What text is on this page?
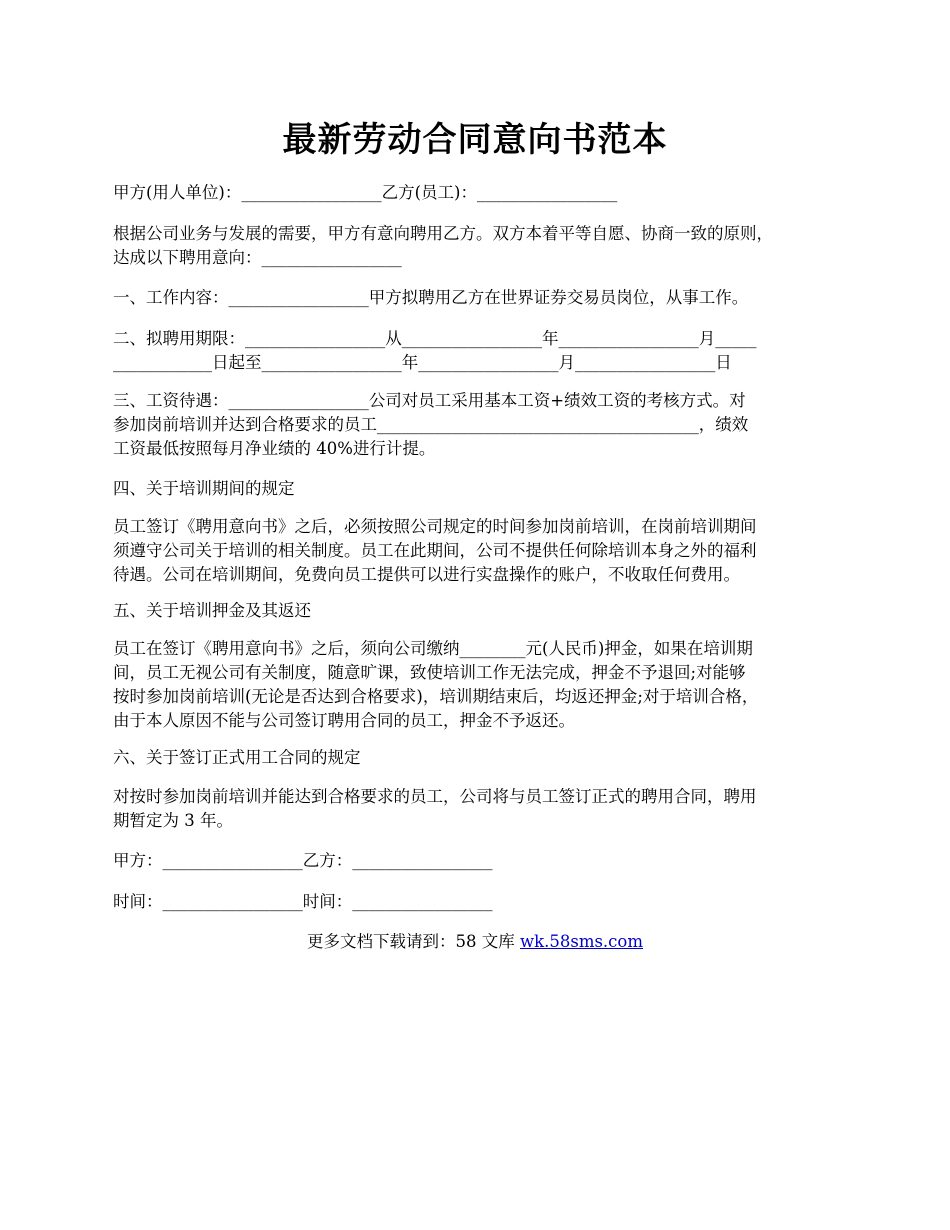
最新劳动合同意向书范本

甲方(用人单位)：_________________乙方(员工)：_________________

根据公司业务与发展的需要，甲方有意向聘用乙方。双方本着平等自愿、协商一致的原则，
达成以下聘用意向：_________________

一、工作内容：_________________甲方拟聘用乙方在世界证券交易员岗位，从事工作。

二、拟聘用期限：_________________从_________________年_________________月_____
____________日起至_________________年_________________月_________________日
三、工资待遇：_________________公司对员工采用基本工资+绩效工资的考核方式。对
参加岗前培训并达到合格要求的员工_______________________________________，绩效
工资最低按照每月净业绩的 40%进行计提。

四、关于培训期间的规定

员工签订《聘用意向书》之后，必须按照公司规定的时间参加岗前培训，在岗前培训期间
须遵守公司关于培训的相关制度。员工在此期间，公司不提供任何除培训本身之外的福利
待遇。公司在培训期间，免费向员工提供可以进行实盘操作的账户，不收取任何费用。

五、关于培训押金及其返还

员工在签订《聘用意向书》之后，须向公司缴纳________元(人民币)押金，如果在培训期
间，员工无视公司有关制度，随意旷课，致使培训工作无法完成，押金不予退回;对能够
按时参加岗前培训(无论是否达到合格要求)，培训期结束后，均返还押金;对于培训合格，
由于本人原因不能与公司签订聘用合同的员工，押金不予返还。

六、关于签订正式用工合同的规定

对按时参加岗前培训并能达到合格要求的员工，公司将与员工签订正式的聘用合同，聘用
期暂定为 3 年。

甲方：_________________乙方：_________________

时间：_________________时间：_________________

更多文档下载请到：58 文库 wk.58sms.com
